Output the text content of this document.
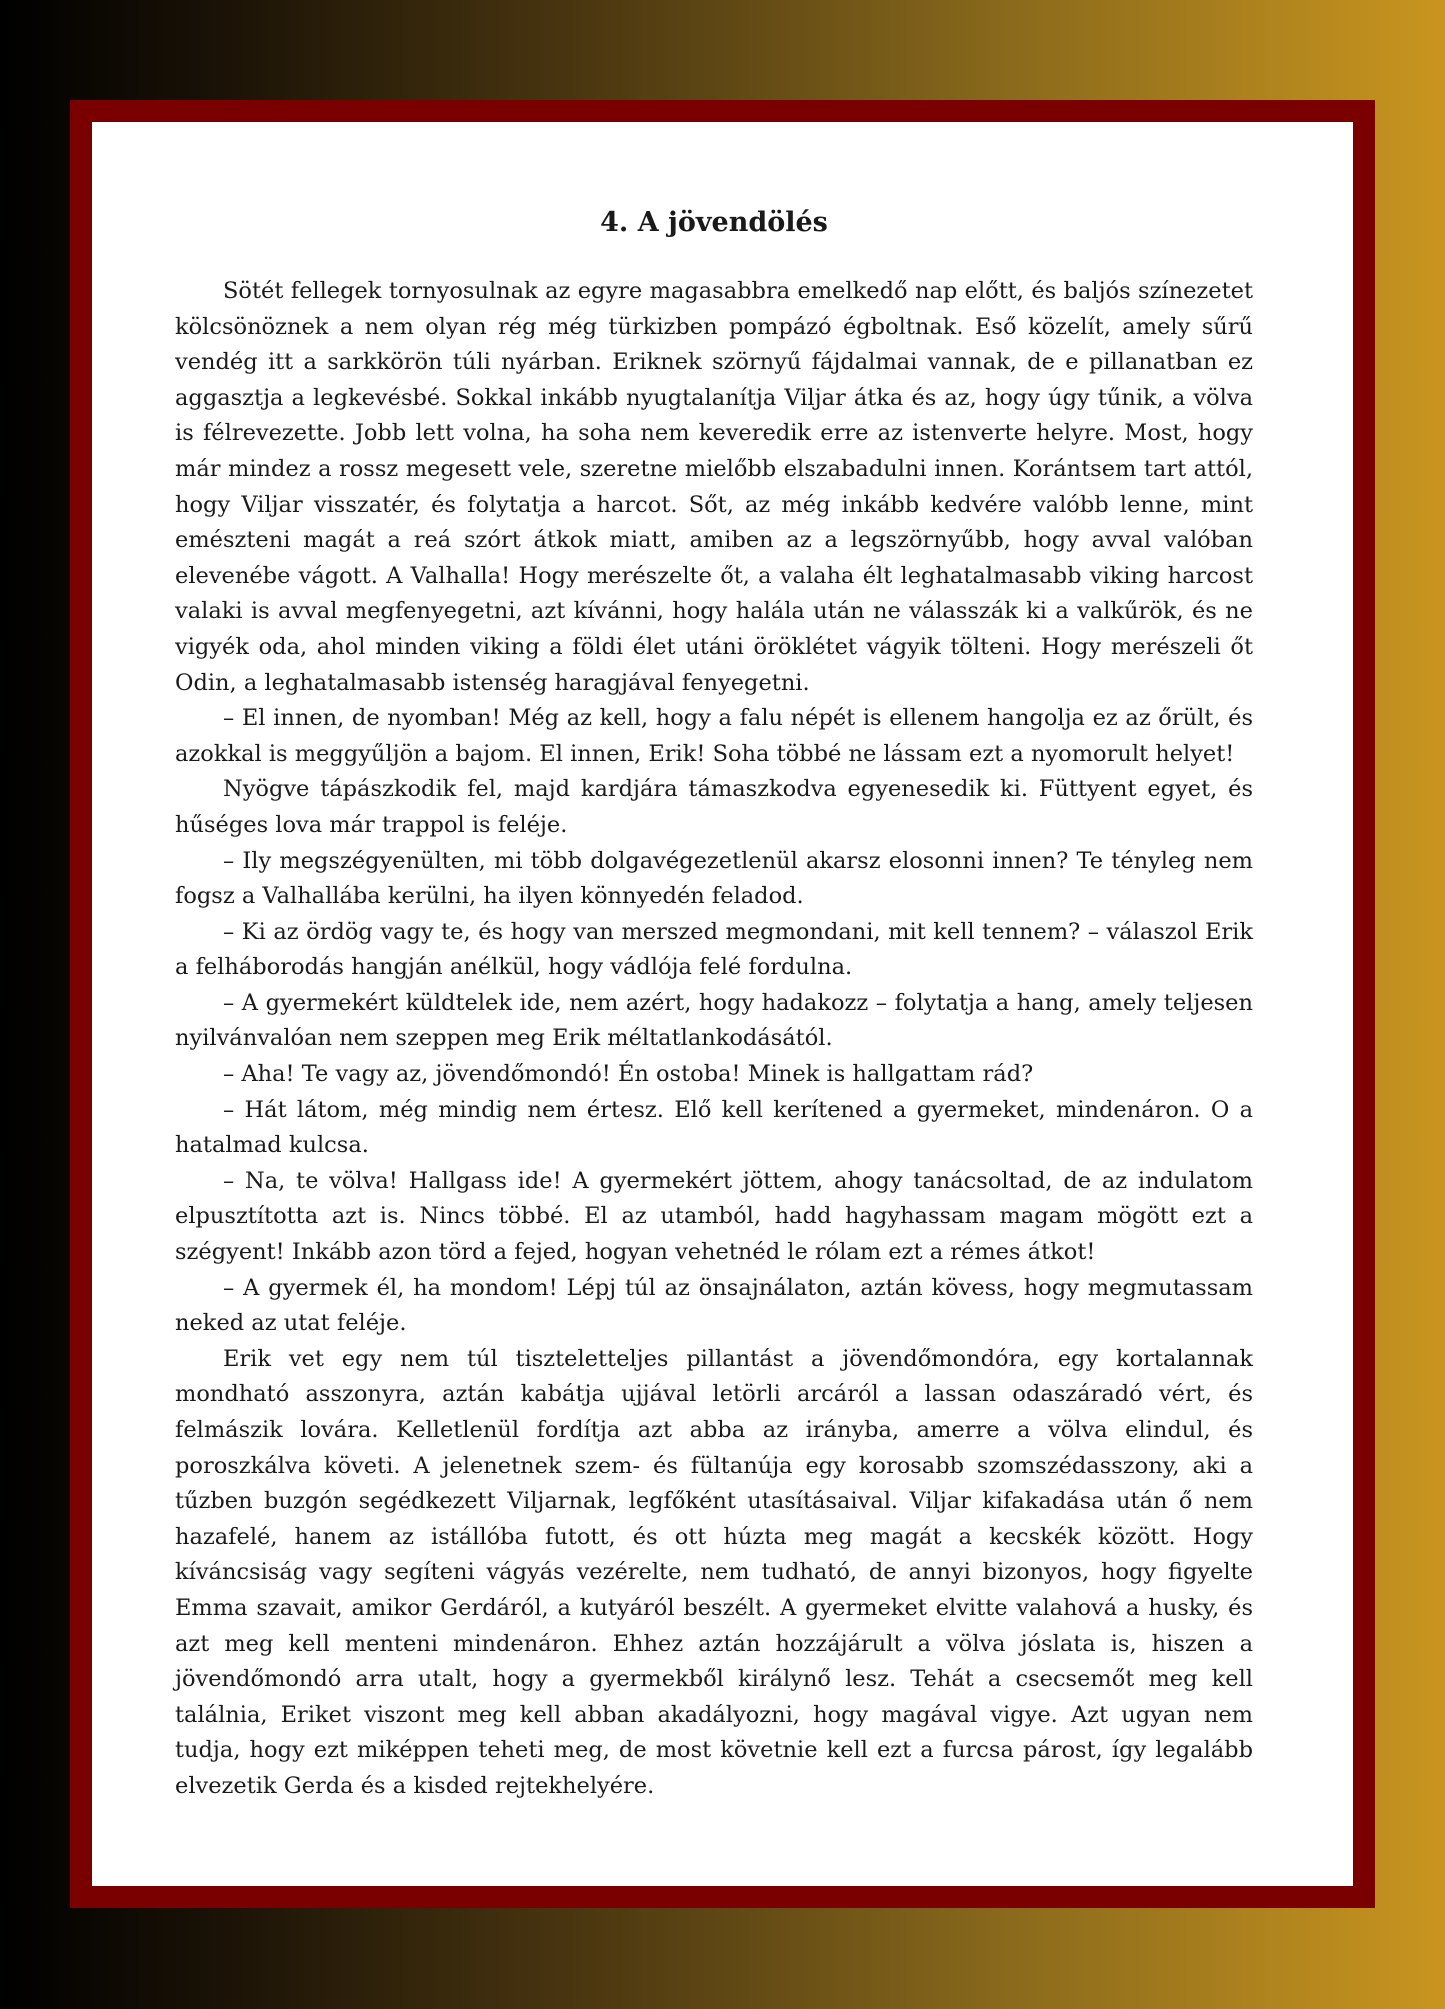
4. A jövendölés

Sötét fellegek tornyosulnak az egyre magasabbra emelkedő nap előtt, és baljós színezetet kölcsönöznek a nem olyan rég még türkizben pompázó égboltnak. Eső közelít, amely sűrű vendég itt a sarkkörön túli nyárban. Eriknek szörnyű fájdalmai vannak, de e pillanatban ez aggasztja a legkevésbé. Sokkal inkább nyugtalanítja Viljar átka és az, hogy úgy tűnik, a völva is félrevezette. Jobb lett volna, ha soha nem keveredik erre az istenverte helyre. Most, hogy már mindez a rossz megesett vele, szeretne mielőbb elszabadulni innen. Korántsem tart attól, hogy Viljar visszatér, és folytatja a harcot. Sőt, az még inkább kedvére valóbb lenne, mint emészteni magát a reá szórt átkok miatt, amiben az a legszörnyűbb, hogy avval valóban elevenébe vágott. A Valhalla! Hogy merészelte őt, a valaha élt leghatalmasabb viking harcost valaki is avval megfenyegetni, azt kívánni, hogy halála után ne válasszák ki a valkűrök, és ne vigyék oda, ahol minden viking a földi élet utáni öröklétet vágyik tölteni. Hogy merészeli őt Odin, a leghatalmasabb istenség haragjával fenyegetni.

– El innen, de nyomban! Még az kell, hogy a falu népét is ellenem hangolja ez az őrült, és azokkal is meggyűljön a bajom. El innen, Erik! Soha többé ne lássam ezt a nyomorult helyet!

Nyögve tápászkodik fel, majd kardjára támaszkodva egyenesedik ki. Füttyent egyet, és hűséges lova már trappol is feléje.

– Ily megszégyenülten, mi több dolgavégezetlenül akarsz elosonni innen? Te tényleg nem fogsz a Valhallába kerülni, ha ilyen könnyedén feladod.

– Ki az ördög vagy te, és hogy van merszed megmondani, mit kell tennem? – válaszol Erik a felháborodás hangján anélkül, hogy vádlója felé fordulna.

– A gyermekért küldtelek ide, nem azért, hogy hadakozz – folytatja a hang, amely teljesen nyilvánvalóan nem szeppen meg Erik méltatlankodásától.

– Aha! Te vagy az, jövendőmondó! Én ostoba! Minek is hallgattam rád?

– Hát látom, még mindig nem értesz. Elő kell kerítened a gyermeket, mindenáron. O a hatalmad kulcsa.

– Na, te völva! Hallgass ide! A gyermekért jöttem, ahogy tanácsoltad, de az indulatom elpusztította azt is. Nincs többé. El az utamból, hadd hagyhassam magam mögött ezt a szégyent! Inkább azon törd a fejed, hogyan vehetnéd le rólam ezt a rémes átkot!

– A gyermek él, ha mondom! Lépj túl az önsajnálaton, aztán kövess, hogy megmutassam neked az utat feléje.

Erik vet egy nem túl tiszteletteljes pillantást a jövendőmondóra, egy kortalannak mondható asszonyra, aztán kabátja ujjával letörli arcáról a lassan odaszáradó vért, és felmászik lovára. Kelletlenül fordítja azt abba az irányba, amerre a völva elindul, és poroszkálva követi. A jelenetnek szem- és fültanúja egy korosabb szomszédasszony, aki a tűzben buzgón segédkezett Viljarnak, legfőként utasításaival. Viljar kifakadása után ő nem hazafelé, hanem az istállóba futott, és ott húzta meg magát a kecskék között. Hogy kíváncsiság vagy segíteni vágyás vezérelte, nem tudható, de annyi bizonyos, hogy figyelte Emma szavait, amikor Gerdáról, a kutyáról beszélt. A gyermeket elvitte valahová a husky, és azt meg kell menteni mindenáron. Ehhez aztán hozzájárult a völva jóslata is, hiszen a jövendőmondó arra utalt, hogy a gyermekből királynő lesz. Tehát a csecsemőt meg kell találnia, Eriket viszont meg kell abban akadályozni, hogy magával vigye. Azt ugyan nem tudja, hogy ezt miképpen teheti meg, de most követnie kell ezt a furcsa párost, így legalább elvezetik Gerda és a kisded rejtekhelyére.
